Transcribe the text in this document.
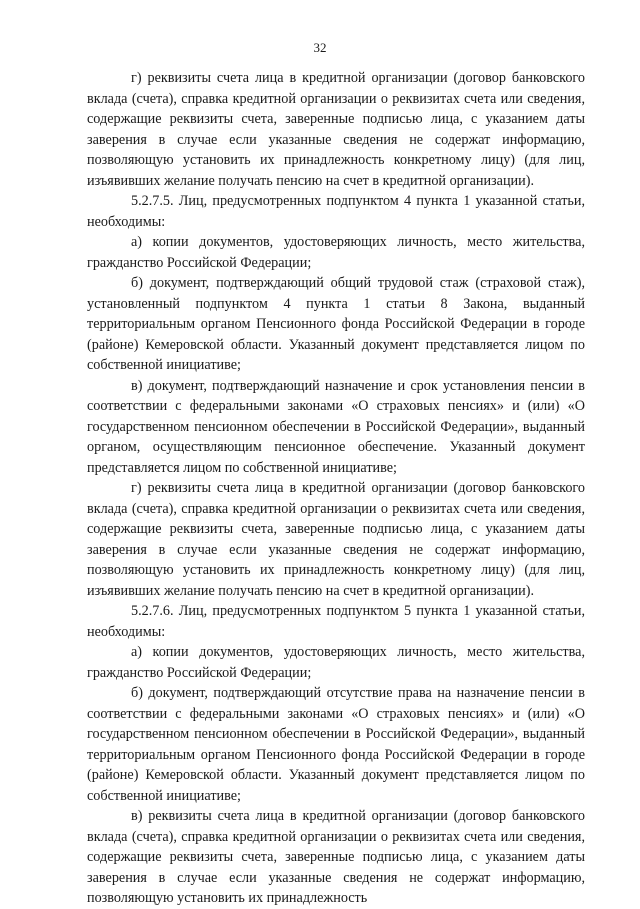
32

г) реквизиты счета лица в кредитной организации (договор банковского вклада (счета), справка кредитной организации о реквизитах счета или сведения, содержащие реквизиты счета, заверенные подписью лица, с указанием даты заверения в случае если указанные сведения не содержат информацию, позволяющую установить их принадлежность конкретному лицу) (для лиц, изъявивших желание получать пенсию на счет в кредитной организации).

5.2.7.5. Лиц, предусмотренных подпунктом 4 пункта 1 указанной статьи, необходимы:

а) копии документов, удостоверяющих личность, место жительства, гражданство Российской Федерации;

б) документ, подтверждающий общий трудовой стаж (страховой стаж), установленный подпунктом 4 пункта 1 статьи 8 Закона, выданный территориальным органом Пенсионного фонда Российской Федерации в городе (районе) Кемеровской области. Указанный документ представляется лицом по собственной инициативе;

в) документ, подтверждающий назначение и срок установления пенсии в соответствии с федеральными законами «О страховых пенсиях» и (или) «О государственном пенсионном обеспечении в Российской Федерации», выданный органом, осуществляющим пенсионное обеспечение. Указанный документ представляется лицом по собственной инициативе;

г) реквизиты счета лица в кредитной организации (договор банковского вклада (счета), справка кредитной организации о реквизитах счета или сведения, содержащие реквизиты счета, заверенные подписью лица, с указанием даты заверения в случае если указанные сведения не содержат информацию, позволяющую установить их принадлежность конкретному лицу) (для лиц, изъявивших желание получать пенсию на счет в кредитной организации).

5.2.7.6. Лиц, предусмотренных подпунктом 5 пункта 1 указанной статьи, необходимы:

а) копии документов, удостоверяющих личность, место жительства, гражданство Российской Федерации;

б) документ, подтверждающий отсутствие права на назначение пенсии в соответствии с федеральными законами «О страховых пенсиях» и (или) «О государственном пенсионном обеспечении в Российской Федерации», выданный территориальным органом Пенсионного фонда Российской Федерации в городе (районе) Кемеровской области. Указанный документ представляется лицом по собственной инициативе;

в) реквизиты счета лица в кредитной организации (договор банковского вклада (счета), справка кредитной организации о реквизитах счета или сведения, содержащие реквизиты счета, заверенные подписью лица, с указанием даты заверения в случае если указанные сведения не содержат информацию, позволяющую установить их принадлежность
